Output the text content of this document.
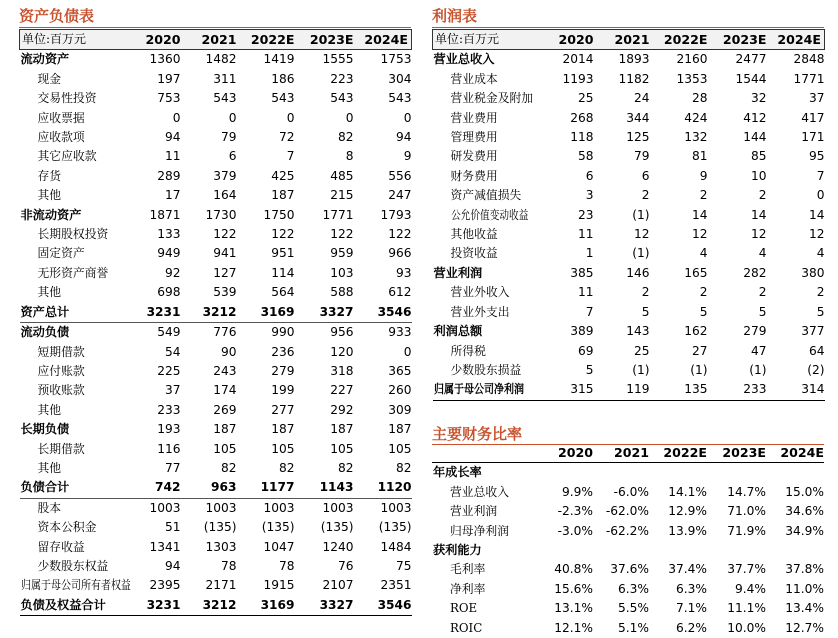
资产负债表
单位:百万元	2020	2021	2022E	2023E	2024E
流动资产	1360	1482	1419	1555	1753
现金	197	311	186	223	304
交易性投资	753	543	543	543	543
应收票据	0	0	0	0	0
应收款项	94	79	72	82	94
其它应收款	11	6	7	8	9
存货	289	379	425	485	556
其他	17	164	187	215	247
非流动资产	1871	1730	1750	1771	1793
长期股权投资	133	122	122	122	122
固定资产	949	941	951	959	966
无形资产商誉	92	127	114	103	93
其他	698	539	564	588	612
资产总计	3231	3212	3169	3327	3546
流动负债	549	776	990	956	933
短期借款	54	90	236	120	0
应付账款	225	243	279	318	365
预收账款	37	174	199	227	260
其他	233	269	277	292	309
长期负债	193	187	187	187	187
长期借款	116	105	105	105	105
其他	77	82	82	82	82
负债合计	742	963	1177	1143	1120
股本	1003	1003	1003	1003	1003
资本公积金	51	(135)	(135)	(135)	(135)
留存收益	1341	1303	1047	1240	1484
少数股东权益	94	78	78	76	75
归属于母公司所有者权益	2395	2171	1915	2107	2351
负债及权益合计	3231	3212	3169	3327	3546
利润表
单位:百万元	2020	2021	2022E	2023E	2024E
营业总收入	2014	1893	2160	2477	2848
营业成本	1193	1182	1353	1544	1771
营业税金及附加	25	24	28	32	37
营业费用	268	344	424	412	417
管理费用	118	125	132	144	171
研发费用	58	79	81	85	95
财务费用	6	6	9	10	7
资产减值损失	3	2	2	2	0
公允价值变动收益	23	(1)	14	14	14
其他收益	11	12	12	12	12
投资收益	1	(1)	4	4	4
营业利润	385	146	165	282	380
营业外收入	11	2	2	2	2
营业外支出	7	5	5	5	5
利润总额	389	143	162	279	377
所得税	69	25	27	47	64
少数股东损益	5	(1)	(1)	(1)	(2)
归属于母公司净利润	315	119	135	233	314
主要财务比率
	2020	2021	2022E	2023E	2024E
年成长率					
营业总收入	9.9%	-6.0%	14.1%	14.7%	15.0%
营业利润	-2.3%	-62.0%	12.9%	71.0%	34.6%
归母净利润	-3.0%	-62.2%	13.9%	71.9%	34.9%
获利能力					
毛利率	40.8%	37.6%	37.4%	37.7%	37.8%
净利率	15.6%	6.3%	6.3%	9.4%	11.0%
ROE	13.1%	5.5%	7.1%	11.1%	13.4%
ROIC	12.1%	5.1%	6.2%	10.0%	12.7%
